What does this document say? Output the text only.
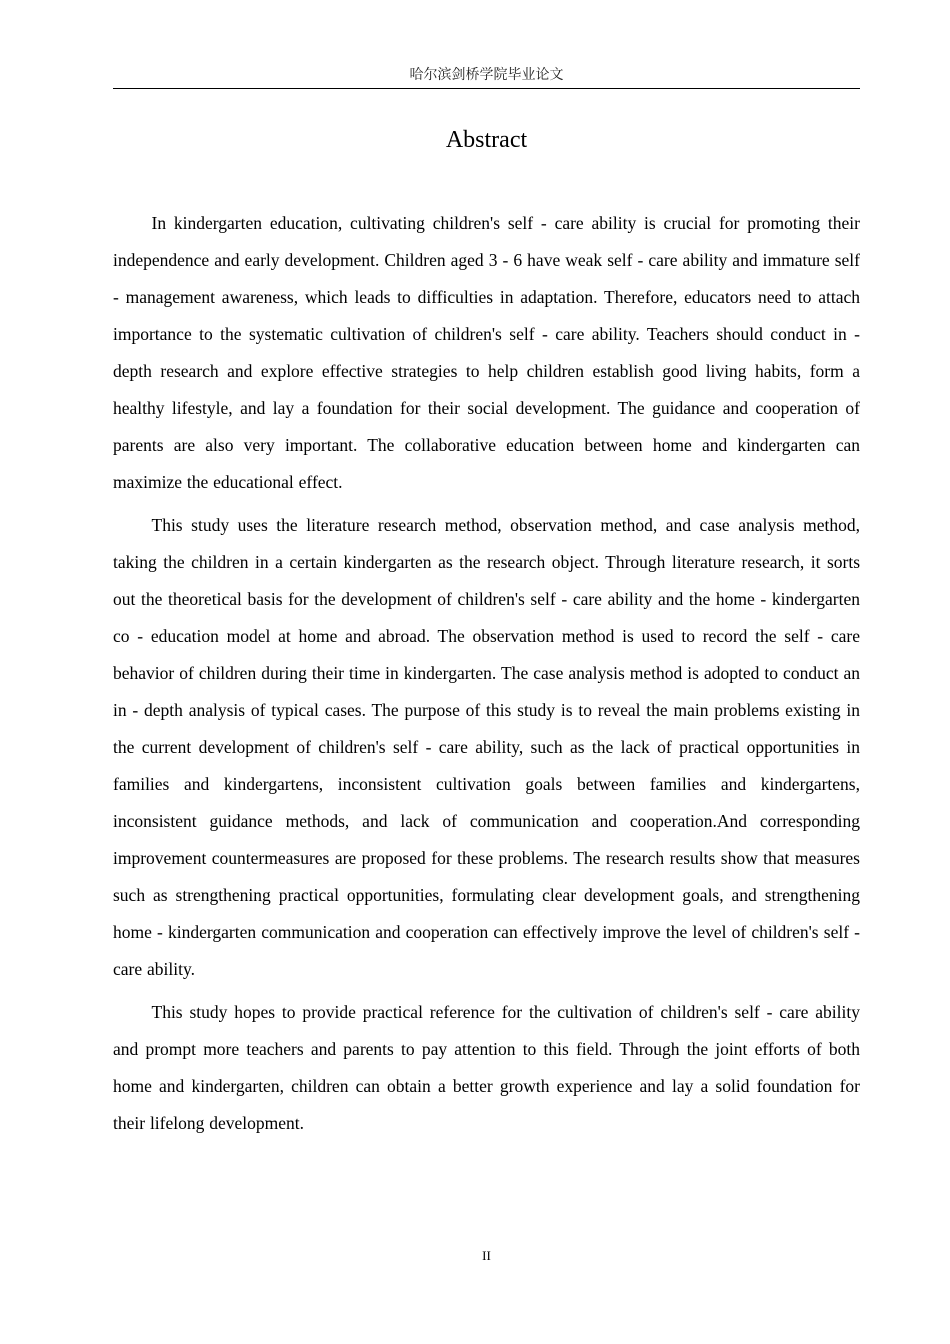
哈尔滨剑桥学院毕业论文
Abstract

In kindergarten education, cultivating children's self - care ability is crucial for promoting their independence and early development. Children aged 3 - 6 have weak self - care ability and immature self - management awareness, which leads to difficulties in adaptation. Therefore, educators need to attach importance to the systematic cultivation of children's self - care ability. Teachers should conduct in - depth research and explore effective strategies to help children establish good living habits, form a healthy lifestyle, and lay a foundation for their social development. The guidance and cooperation of parents are also very important. The collaborative education between home and kindergarten can maximize the educational effect.

This study uses the literature research method, observation method, and case analysis method, taking the children in a certain kindergarten as the research object. Through literature research, it sorts out the theoretical basis for the development of children's self - care ability and the home - kindergarten co - education model at home and abroad. The observation method is used to record the self - care behavior of children during their time in kindergarten. The case analysis method is adopted to conduct an in - depth analysis of typical cases. The purpose of this study is to reveal the main problems existing in the current development of children's self - care ability, such as the lack of practical opportunities in families and kindergartens, inconsistent cultivation goals between families and kindergartens, inconsistent guidance methods, and lack of communication and cooperation.And corresponding improvement countermeasures are proposed for these problems. The research results show that measures such as strengthening practical opportunities, formulating clear development goals, and strengthening home - kindergarten communication and cooperation can effectively improve the level of children's self - care ability.

This study hopes to provide practical reference for the cultivation of children's self - care ability and prompt more teachers and parents to pay attention to this field. Through the joint efforts of both home and kindergarten, children can obtain a better growth experience and lay a solid foundation for their lifelong development.

II
